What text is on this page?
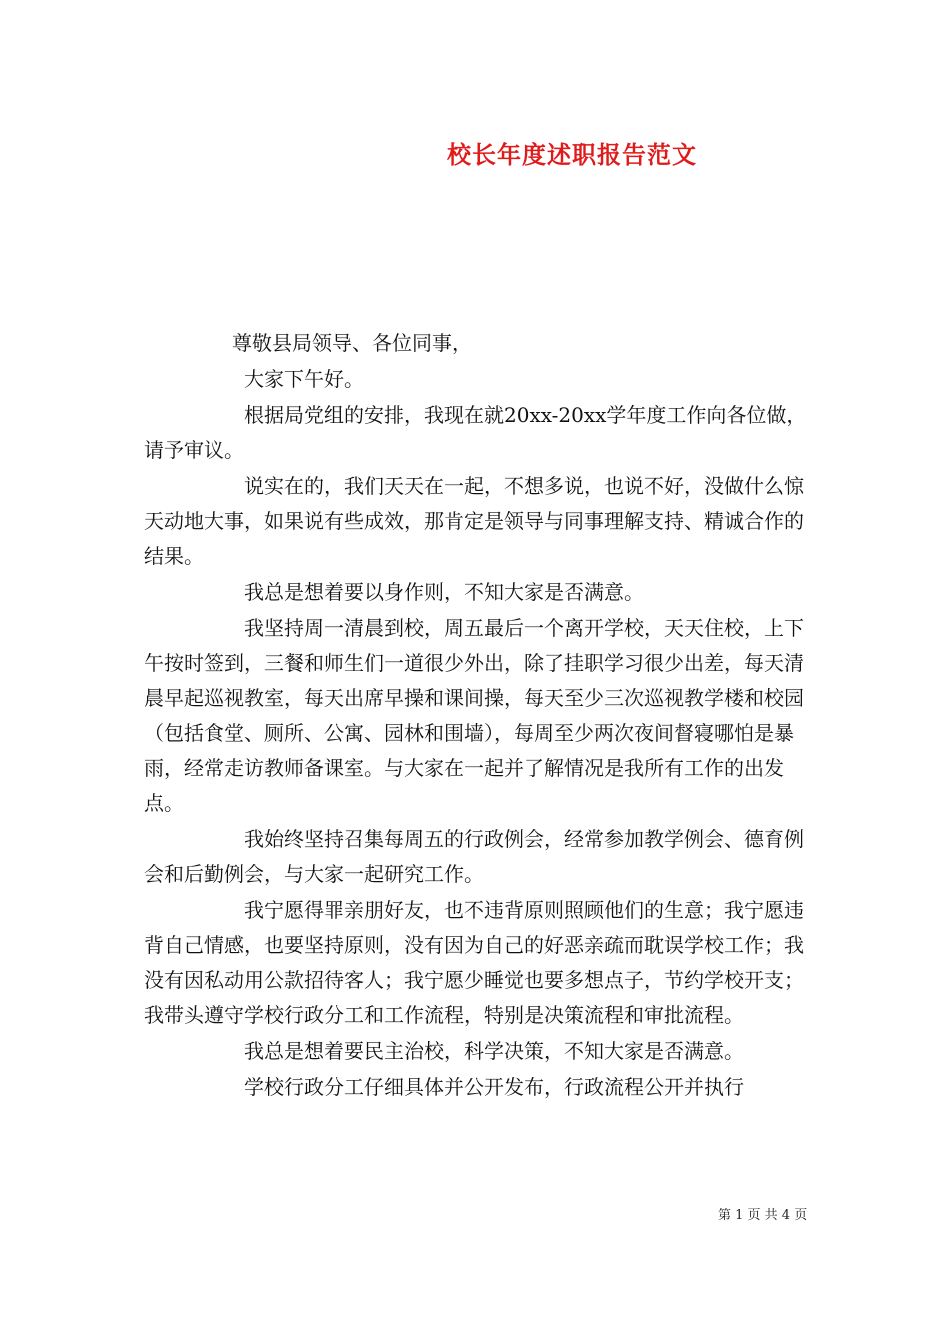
校长年度述职报告范文

尊敬县局领导、各位同事，

大家下午好。

根据局党组的安排，我现在就20xx-20xx学年度工作向各位做，请予审议。

说实在的，我们天天在一起，不想多说，也说不好，没做什么惊天动地大事，如果说有些成效，那肯定是领导与同事理解支持、精诚合作的结果。

我总是想着要以身作则，不知大家是否满意。

我坚持周一清晨到校，周五最后一个离开学校，天天住校，上下午按时签到，三餐和师生们一道很少外出，除了挂职学习很少出差，每天清晨早起巡视教室，每天出席早操和课间操，每天至少三次巡视教学楼和校园（包括食堂、厕所、公寓、园林和围墙），每周至少两次夜间督寝哪怕是暴雨，经常走访教师备课室。与大家在一起并了解情况是我所有工作的出发点。

我始终坚持召集每周五的行政例会，经常参加教学例会、德育例会和后勤例会，与大家一起研究工作。

我宁愿得罪亲朋好友，也不违背原则照顾他们的生意；我宁愿违背自己情感，也要坚持原则，没有因为自己的好恶亲疏而耽误学校工作；我没有因私动用公款招待客人；我宁愿少睡觉也要多想点子，节约学校开支；我带头遵守学校行政分工和工作流程，特别是决策流程和审批流程。

我总是想着要民主治校，科学决策，不知大家是否满意。

学校行政分工仔细具体并公开发布，行政流程公开并执行

第 1 页 共 4 页
